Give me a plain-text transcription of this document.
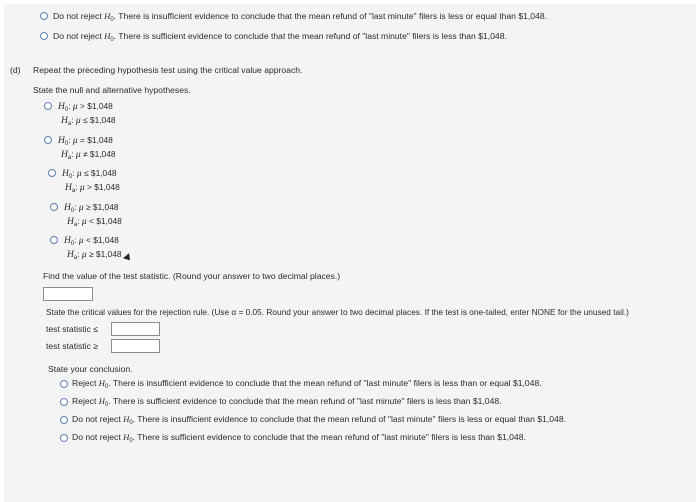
Do not reject $H_0$. There is insufficient evidence to conclude that the mean refund of "last minute" filers is less or equal than $1,048.
Do not reject $H_0$. There is sufficient evidence to conclude that the mean refund of "last minute" filers is less than $1,048.
(d) Repeat the preceding hypothesis test using the critical value approach.
State the null and alternative hypotheses.
$H_0$: μ > $1,048
$H_a$: μ ≤ $1,048
$H_0$: μ = $1,048
$H_a$: μ ≠ $1,048
$H_0$: μ ≤ $1,048
$H_a$: μ > $1,048
$H_0$: μ ≥ $1,048
$H_a$: μ < $1,048
$H_0$: μ < $1,048
$H_a$: μ ≥ $1,048
Find the value of the test statistic. (Round your answer to two decimal places.)
State the critical values for the rejection rule. (Use α = 0.05. Round your answer to two decimal places. If the test is one-tailed, enter NONE for the unused tail.)
test statistic ≤
test statistic ≥
State your conclusion.
Reject $H_0$. There is insufficient evidence to conclude that the mean refund of "last minute" filers is less than or equal $1,048.
Reject $H_0$. There is sufficient evidence to conclude that the mean refund of "last minute" filers is less than $1,048.
Do not reject $H_0$. There is insufficient evidence to conclude that the mean refund of "last minute" filers is less or equal than $1,048.
Do not reject $H_0$. There is sufficient evidence to conclude that the mean refund of "last minute" filers is less than $1,048.
